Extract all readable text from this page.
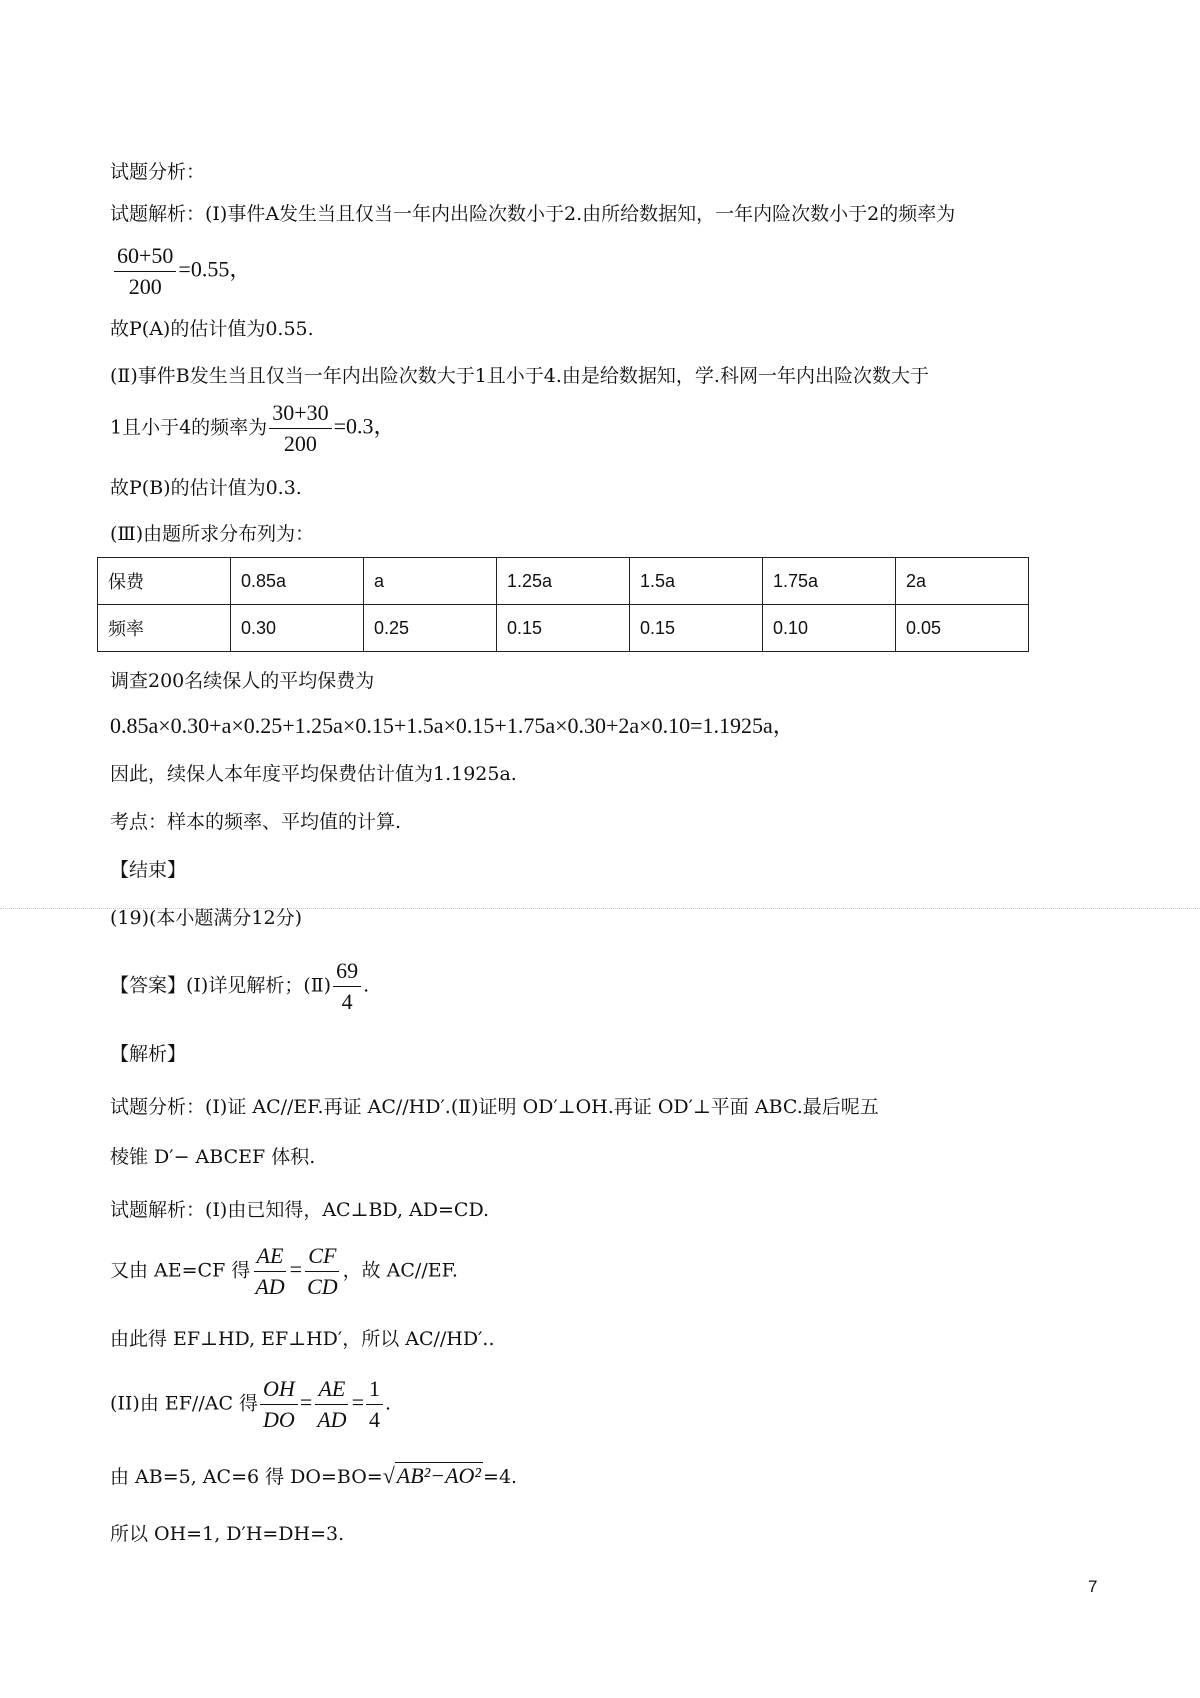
试题分析：
试题解析：(Ⅰ)事件A发生当且仅当一年内出险次数小于2.由所给数据知，一年内险次数小于2的频率为
$\frac{60+50}{200} =0.55$，
故P(A)的估计值为0.55.
(Ⅱ)事件B发生当且仅当一年内出险次数大于1且小于4.由是给数据知，学.科网一年内出险次数大于
1且小于4的频率为 $\frac{30+30}{200} =0.3$，
故P(B)的估计值为0.3.
(Ⅲ)由题所求分布列为：
保费	0.85a	a	1.25a	1.5a	1.75a	2a
频率	0.30	0.25	0.15	0.15	0.10	0.05
调查200名续保人的平均保费为
0.85a×0.30+a×0.25+1.25a×0.15+1.5a×0.15+1.75a×0.30+2a×0.10=1.1925a，
因此，续保人本年度平均保费估计值为1.1925a.
考点：样本的频率、平均值的计算.
【结束】
(19)(本小题满分12分)
【答案】(Ⅰ)详见解析；(Ⅱ) $\frac{69}{4}$ .
【解析】
试题分析：(Ⅰ)证 AC//EF.再证 AC//HD′.(Ⅱ)证明 OD′⊥OH.再证 OD′⊥平面 ABC.最后呢五
棱锥 D′− ABCEF 体积.
试题解析：(I)由已知得，AC⊥BD, AD=CD.
又由 AE=CF 得 $\frac{AE}{AD} = \frac{CF}{CD}$ ，故 AC//EF.
由此得 EF⊥HD, EF⊥HD′，所以 AC//HD′..
(II)由 EF//AC 得 $\frac{OH}{DO} = \frac{AE}{AD} = \frac{1}{4}$ .
由 AB=5, AC=6 得 DO=BO=√AB²−AO² =4.
所以 OH=1, D′H=DH=3.
7
